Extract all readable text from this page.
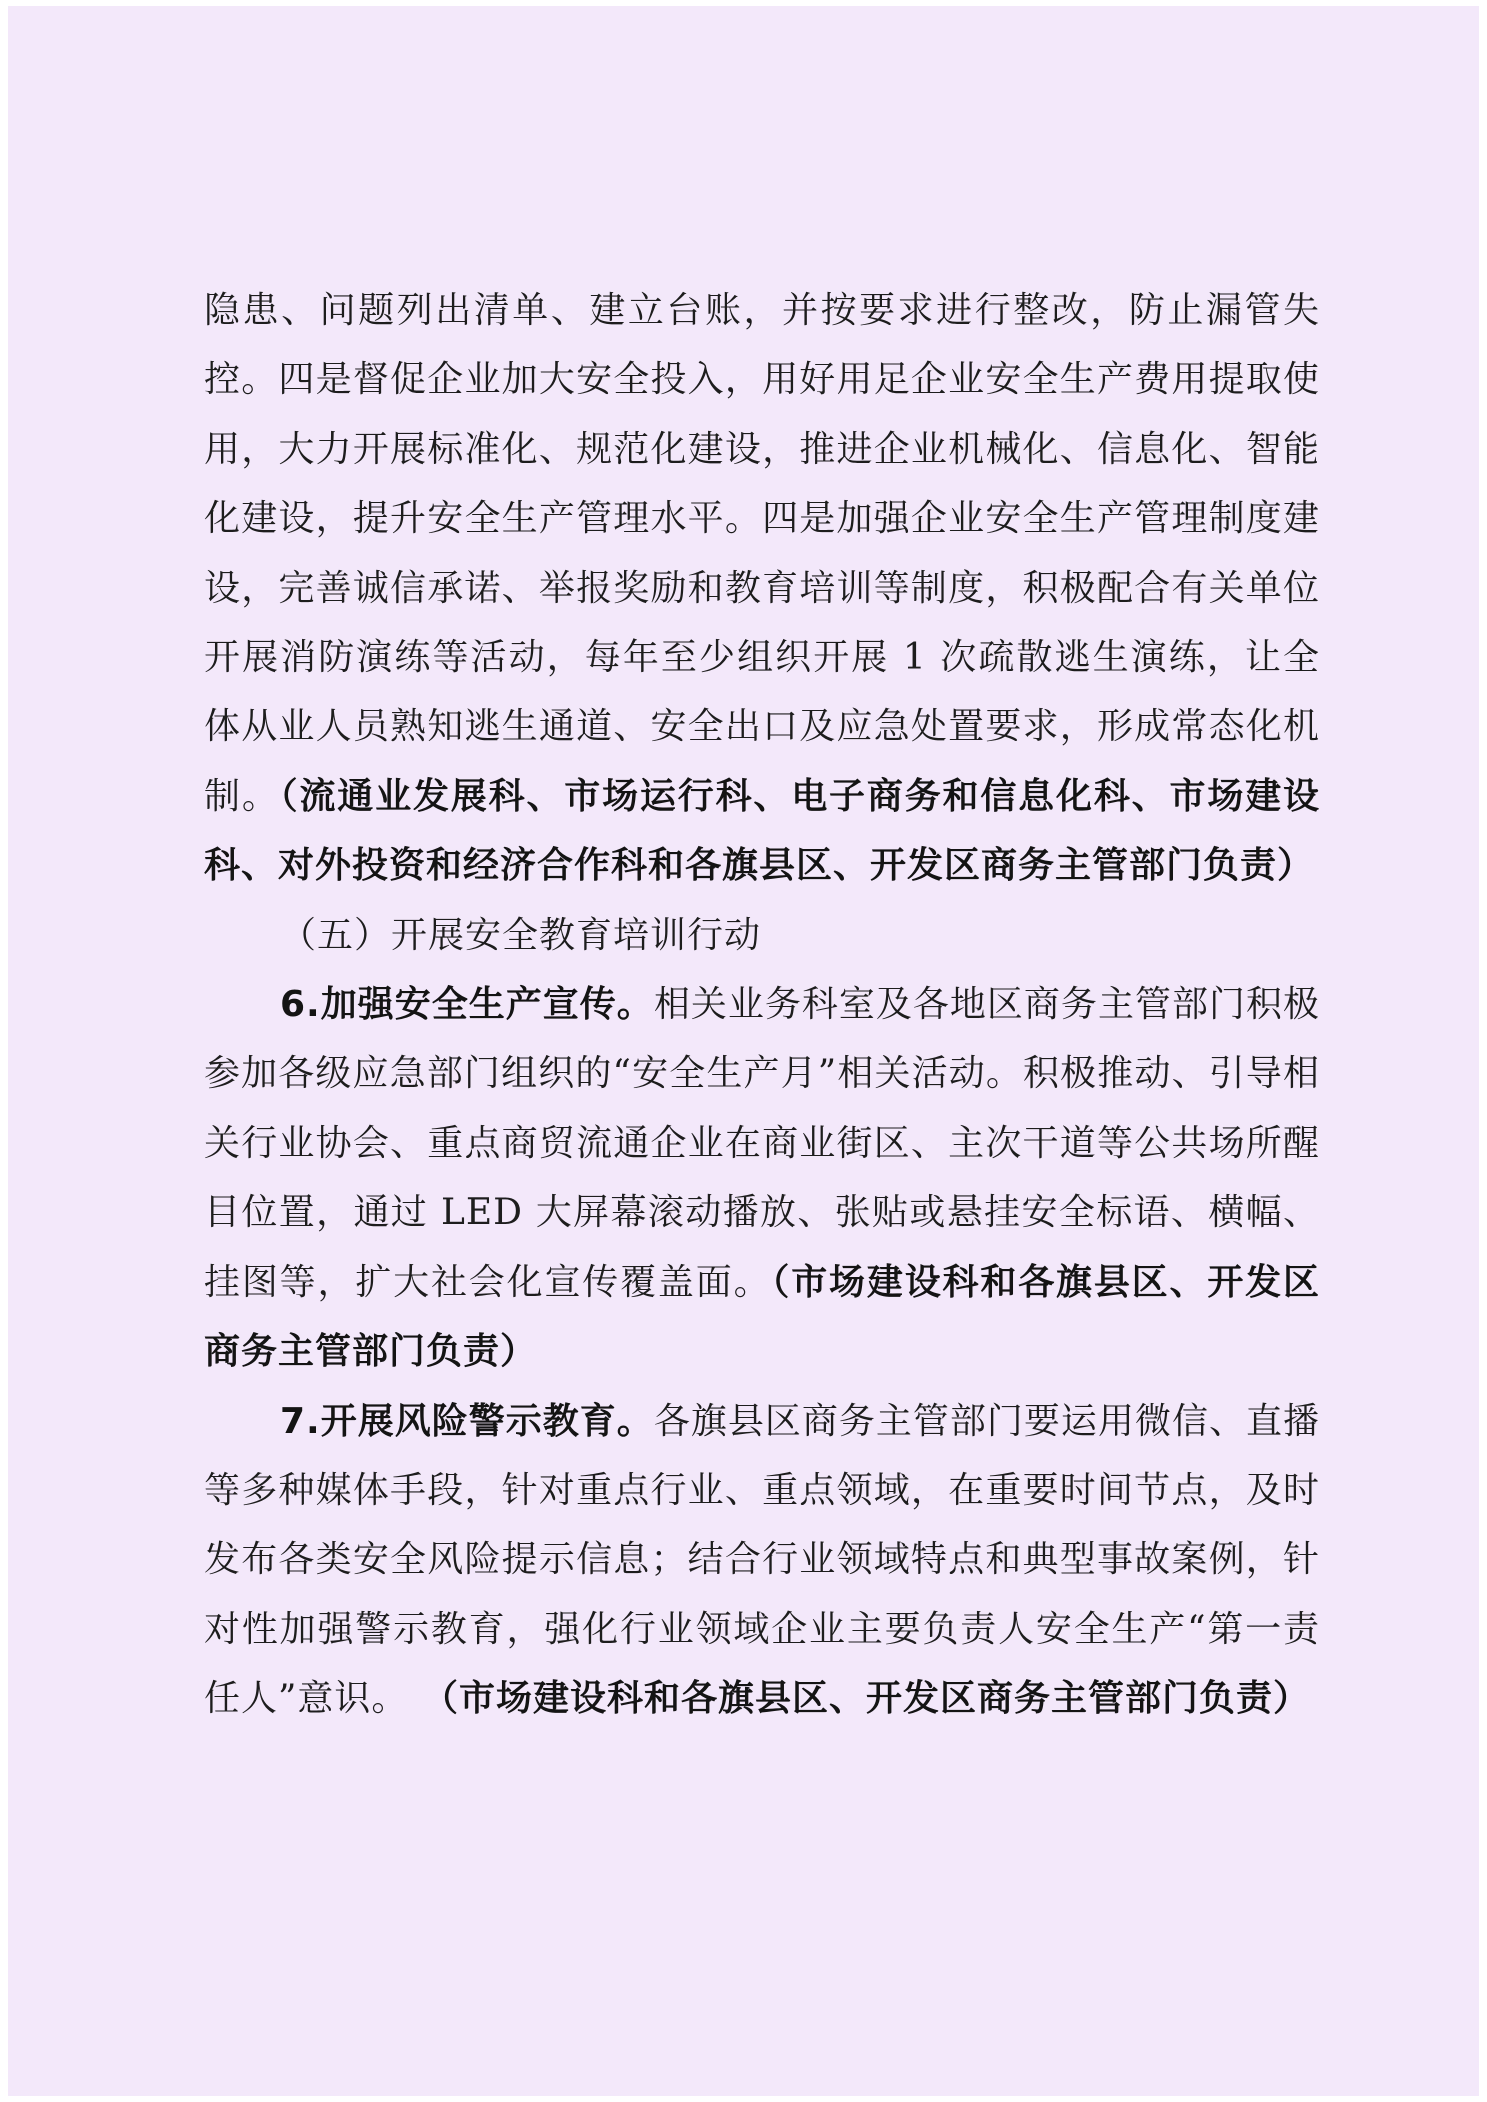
隐患、问题列出清单、建立台账，并按要求进行整改，防止漏管失控。四是督促企业加大安全投入，用好用足企业安全生产费用提取使用，大力开展标准化、规范化建设，推进企业机械化、信息化、智能化建设，提升安全生产管理水平。四是加强企业安全生产管理制度建设，完善诚信承诺、举报奖励和教育培训等制度，积极配合有关单位开展消防演练等活动，每年至少组织开展 1 次疏散逃生演练，让全体从业人员熟知逃生通道、安全出口及应急处置要求，形成常态化机制。（流通业发展科、市场运行科、电子商务和信息化科、市场建设科、对外投资和经济合作科和各旗县区、开发区商务主管部门负责）

（五）开展安全教育培训行动

6.加强安全生产宣传。相关业务科室及各地区商务主管部门积极参加各级应急部门组织的“安全生产月”相关活动。积极推动、引导相关行业协会、重点商贸流通企业在商业街区、主次干道等公共场所醒目位置，通过 LED 大屏幕滚动播放、张贴或悬挂安全标语、横幅、挂图等，扩大社会化宣传覆盖面。（市场建设科和各旗县区、开发区商务主管部门负责）

7.开展风险警示教育。各旗县区商务主管部门要运用微信、直播等多种媒体手段，针对重点行业、重点领域，在重要时间节点，及时发布各类安全风险提示信息；结合行业领域特点和典型事故案例，针对性加强警示教育，强化行业领域企业主要负责人安全生产“第一责任人”意识。 （市场建设科和各旗县区、开发区商务主管部门负责）
